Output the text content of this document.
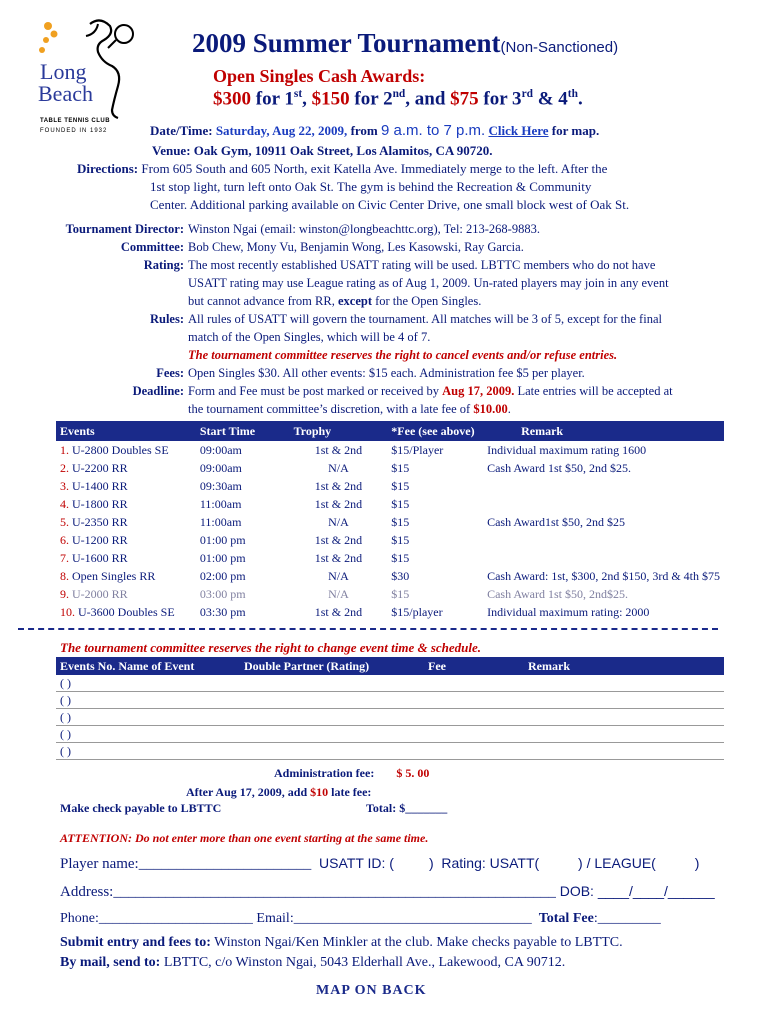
Long
Beach
TABLE TENNIS CLUB
FOUNDED IN 1932
2009 Summer Tournament(Non-Sanctioned)
Open Singles Cash Awards:
$300 for 1st, $150 for 2nd, and $75 for 3rd & 4th.
Date/Time: Saturday, Aug 22, 2009, from 9 a.m. to 7 p.m. Click Here for map.
Venue: Oak Gym, 10911 Oak Street, Los Alamitos, CA 90720.
Directions: From 605 South and 605 North, exit Katella Ave. Immediately merge to the left. After the
1st stop light, turn left onto Oak St. The gym is behind the Recreation & Community
Center. Additional parking available on Civic Center Drive, one small block west of Oak St.
Tournament Director: Winston Ngai (email: winston@longbeachttc.org), Tel: 213-268-9883.
Committee: Bob Chew, Mony Vu, Benjamin Wong, Les Kasowski, Ray Garcia.
Rating: The most recently established USATT rating will be used. LBTTC members who do not have
USATT rating may use League rating as of Aug 1, 2009. Un-rated players may join in any event
but cannot advance from RR, except for the Open Singles.
Rules: All rules of USATT will govern the tournament. All matches will be 3 of 5, except for the final
match of the Open Singles, which will be 4 of 7.
The tournament committee reserves the right to cancel events and/or refuse entries.
Fees: Open Singles $30. All other events: $15 each. Administration fee $5 per player.
Deadline: Form and Fee must be post marked or received by Aug 17, 2009. Late entries will be accepted at
the tournament committee’s discretion, with a late fee of $10.00.
Events	Start Time	Trophy	*Fee (see above)	Remark
1. U-2800 Doubles SE	09:00am	1st & 2nd	$15/Player	Individual maximum rating 1600
2. U-2200 RR	09:00am	N/A	$15	Cash Award 1st $50, 2nd $25.
3. U-1400 RR	09:30am	1st & 2nd	$15	
4. U-1800 RR	11:00am	1st & 2nd	$15	
5. U-2350 RR	11:00am	N/A	$15	Cash Award1st $50, 2nd $25
6. U-1200 RR	01:00 pm	1st & 2nd	$15	
7. U-1600 RR	01:00 pm	1st & 2nd	$15	
8. Open Singles RR	02:00 pm	N/A	$30	Cash Award: 1st, $300, 2nd $150, 3rd & 4th $75
9. U-2000 RR	03:00 pm	N/A	$15	Cash Award 1st $50, 2nd$25.
10. U-3600 Doubles SE	03:30 pm	1st & 2nd	$15/player	Individual maximum rating: 2000
The tournament committee reserves the right to change event time & schedule.
Events No. Name of Event	Double Partner (Rating)	Fee	Remark
( )			
( )			
( )			
( )			
( )			
Administration fee: $ 5. 00
After Aug 17, 2009, add $10 late fee:
Make check payable to LBTTC	Total: $_______
ATTENTION: Do not enter more than one event starting at the same time.
Player name:_______________________  USATT ID: (         )  Rating: USATT(          ) / LEAGUE(          )
Address:___________________________________________________________ DOB: ____/____/______
Phone:______________________ Email:__________________________________  Total Fee:_________
Submit entry and fees to: Winston Ngai/Ken Minkler at the club. Make checks payable to LBTTC.
By mail, send to: LBTTC, c/o Winston Ngai, 5043 Elderhall Ave., Lakewood, CA 90712.
MAP ON BACK
